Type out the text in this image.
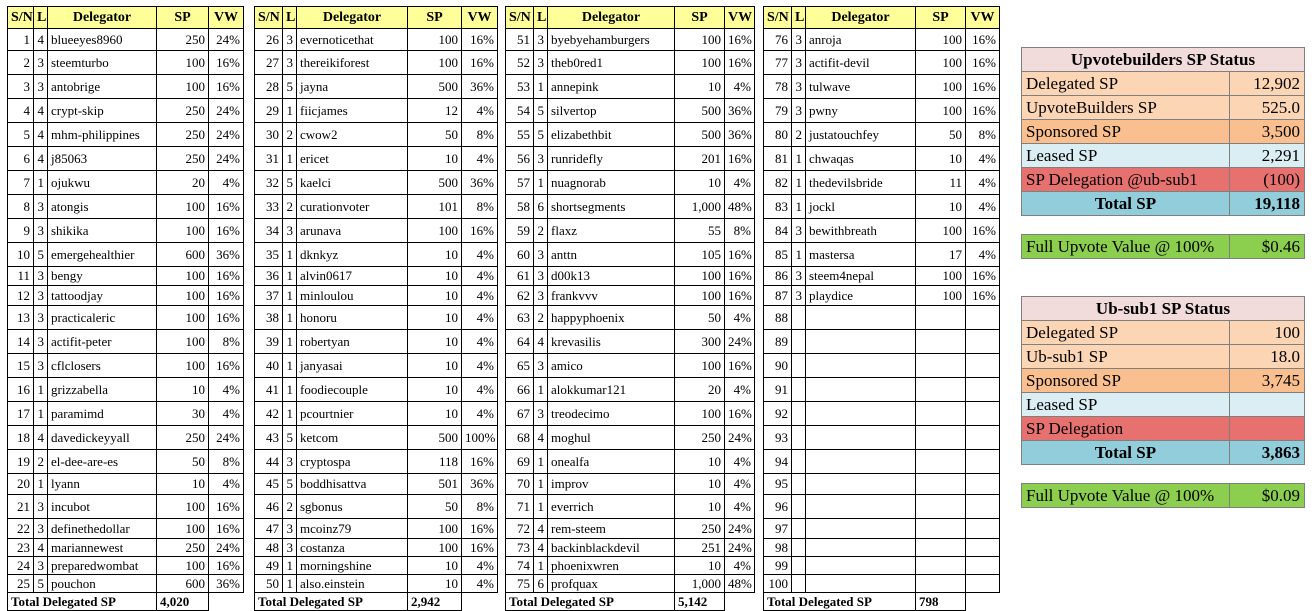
S/N	L	Delegator	SP	VW
1	4	blueeyes8960	250	24%
2	3	steemturbo	100	16%
3	3	antobrige	100	16%
4	4	crypt-skip	250	24%
5	4	mhm-philippines	250	24%
6	4	j85063	250	24%
7	1	ojukwu	20	4%
8	3	atongis	100	16%
9	3	shikika	100	16%
10	5	emergehealthier	600	36%
11	3	bengy	100	16%
12	3	tattoodjay	100	16%
13	3	practicaleric	100	16%
14	3	actifit-peter	100	8%
15	3	cflclosers	100	16%
16	1	grizzabella	10	4%
17	1	paramimd	30	4%
18	4	davedickeyyall	250	24%
19	2	el-dee-are-es	50	8%
20	1	lyann	10	4%
21	3	incubot	100	16%
22	3	definethedollar	100	16%
23	4	mariannewest	250	24%
24	3	preparedwombat	100	16%
25	5	pouchon	600	36%
Total Delegated SP			4,020	
S/N	L	Delegator	SP	VW
26	3	evernoticethat	100	16%
27	3	thereikiforest	100	16%
28	5	jayna	500	36%
29	1	fiicjames	12	4%
30	2	cwow2	50	8%
31	1	ericet	10	4%
32	5	kaelci	500	36%
33	2	curationvoter	101	8%
34	3	arunava	100	16%
35	1	dknkyz	10	4%
36	1	alvin0617	10	4%
37	1	minloulou	10	4%
38	1	honoru	10	4%
39	1	robertyan	10	4%
40	1	janyasai	10	4%
41	1	foodiecouple	10	4%
42	1	pcourtnier	10	4%
43	5	ketcom	500	100%
44	3	cryptospa	118	16%
45	5	boddhisattva	501	36%
46	2	sgbonus	50	8%
47	3	mcoinz79	100	16%
48	3	costanza	100	16%
49	1	morningshine	10	4%
50	1	also.einstein	10	4%
Total Delegated SP			2,942	
S/N	L	Delegator	SP	VW
51	3	byebyehamburgers	100	16%
52	3	theb0red1	100	16%
53	1	annepink	10	4%
54	5	silvertop	500	36%
55	5	elizabethbit	500	36%
56	3	runridefly	201	16%
57	1	nuagnorab	10	4%
58	6	shortsegments	1,000	48%
59	2	flaxz	55	8%
60	3	anttn	105	16%
61	3	d00k13	100	16%
62	3	frankvvv	100	16%
63	2	happyphoenix	50	4%
64	4	krevasilis	300	24%
65	3	amico	100	16%
66	1	alokkumar121	20	4%
67	3	treodecimo	100	16%
68	4	moghul	250	24%
69	1	onealfa	10	4%
70	1	improv	10	4%
71	1	everrich	10	4%
72	4	rem-steem	250	24%
73	4	backinblackdevil	251	24%
74	1	phoenixwren	10	4%
75	6	profquax	1,000	48%
Total Delegated SP			5,142	
S/N	L	Delegator	SP	VW
76	3	anroja	100	16%
77	3	actifit-devil	100	16%
78	3	tulwave	100	16%
79	3	pwny	100	16%
80	2	justatouchfey	50	8%
81	1	chwaqas	10	4%
82	1	thedevilsbride	11	4%
83	1	jockl	10	4%
84	3	bewithbreath	100	16%
85	1	mastersa	17	4%
86	3	steem4nepal	100	16%
87	3	playdice	100	16%
88				
89				
90				
91				
92				
93				
94				
95				
96				
97				
98				
99				
100				
Total Delegated SP			798	
Upvotebuilders SP Status	
Delegated SP	12,902
UpvoteBuilders SP	525.0
Sponsored SP	3,500
Leased SP	2,291
SP Delegation @ub-sub1	(100)
Total SP	19,118
Full Upvote Value @ 100%	$0.46
Ub-sub1 SP Status	
Delegated SP	100
Ub-sub1 SP	18.0
Sponsored SP	3,745
Leased SP	
SP Delegation	
Total SP	3,863
Full Upvote Value @ 100%	$0.09
